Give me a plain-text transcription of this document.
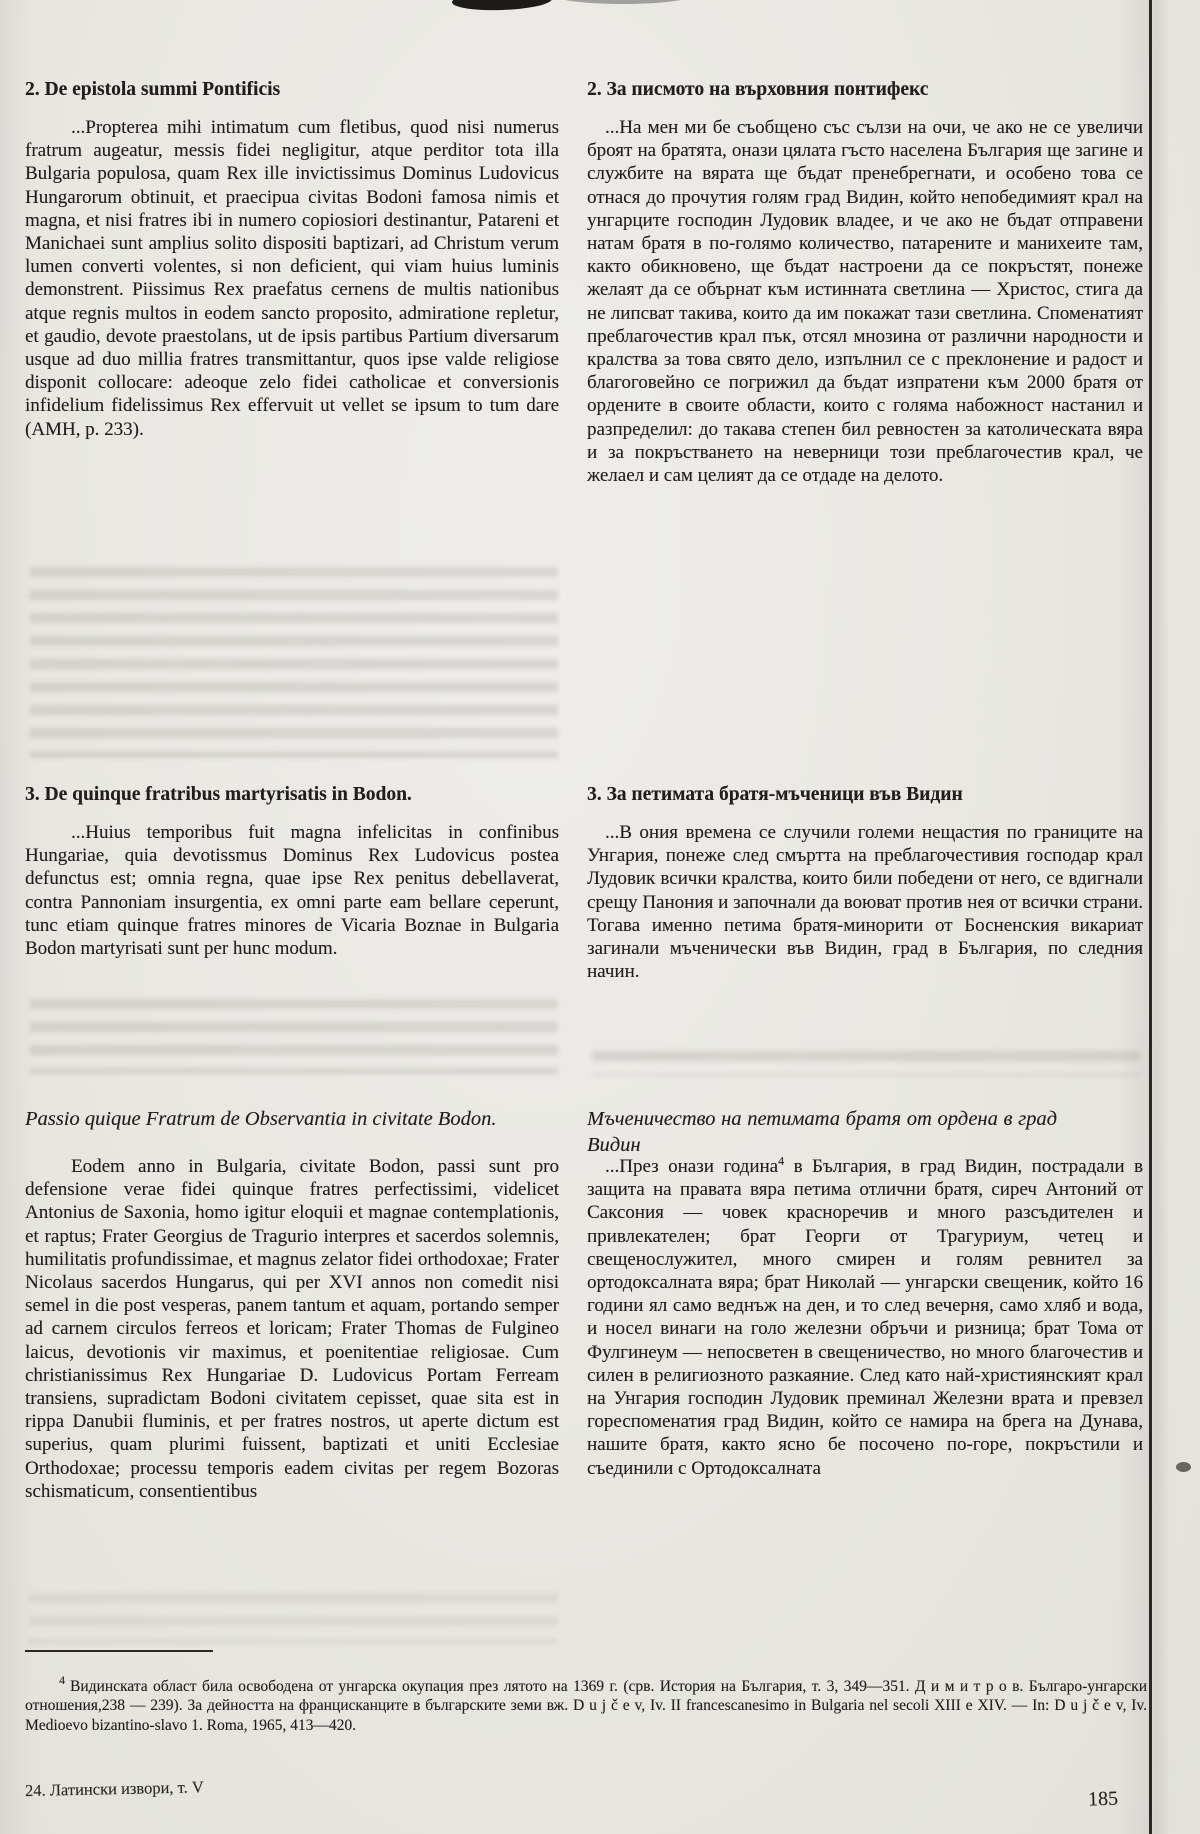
2. De epistola summi Pontificis

...Propterea mihi intimatum cum fletibus, quod nisi numerus fratrum augeatur, messis fidei negligitur, atque perditor tota illa Bulgaria populosa, quam Rex ille invictissimus Dominus Ludovicus Hungarorum obtinuit, et praecipua civitas Bodoni famosa nimis et magna, et nisi fratres ibi in numero copiosiori destinantur, Patareni et Manichaei sunt amplius solito dispositi baptizari, ad Christum verum lumen converti volentes, si non deficient, qui viam huius luminis demonstrent. Piissimus Rex praefatus cernens de multis nationibus atque regnis multos in eodem sancto proposito, admiratione repletur, et gaudio, devote praestolans, ut de ipsis partibus Partium diversarum usque ad duo millia fratres transmittantur, quos ipse valde religiose disponit collocare: adeoque zelo fidei catholicae et conversionis infidelium fidelissimus Rex effervuit ut vellet se ipsum to tum dare (AMH, p. 233).

3. De quinque fratribus martyrisatis in Bodon.

...Huius temporibus fuit magna infelicitas in confinibus Hungariae, quia devotissmus Dominus Rex Ludovicus postea defunctus est; omnia regna, quae ipse Rex penitus debellaverat, contra Pannoniam insurgentia, ex omni parte eam bellare ceperunt, tunc etiam quinque fratres minores de Vicaria Boznae in Bulgaria Bodon martyrisati sunt per hunc modum.

Passio quique Fratrum de Observantia in civitate Bodon.

Eodem anno in Bulgaria, civitate Bodon, passi sunt pro defensione verae fidei quinque fratres perfectissimi, videlicet Antonius de Saxonia, homo igitur eloquii et magnae contemplationis, et raptus; Frater Georgius de Tragurio interpres et sacerdos solemnis, humilitatis profundissimae, et magnus zelator fidei orthodoxae; Frater Nicolaus sacerdos Hungarus, qui per XVI annos non comedit nisi semel in die post vesperas, panem tantum et aquam, portando semper ad carnem circulos ferreos et loricam; Frater Thomas de Fulgineo laicus, devotionis vir maximus, et poenitentiae religiosae. Cum christianissimus Rex Hungariae D. Ludovicus Portam Ferream transiens, supradictam Bodoni civitatem cepisset, quae sita est in rippa Danubii fluminis, et per fratres nostros, ut aperte dictum est superius, quam plurimi fuissent, baptizati et uniti Ecclesiae Orthodoxae; processu temporis eadem civitas per regem Bozoras schismaticum, consentientibus

2. За писмото на върховния понтифекс

...На мен ми бе съобщено със сълзи на очи, че ако не се увеличи броят на братята, онази цялата гъсто населена България ще загине и службите на вярата ще бъдат пренебрегнати, и особено това се отнася до прочутия голям град Видин, който непобедимият крал на унгарците господин Лудовик владее, и че ако не бъдат отправени натам братя в по-голямо количество, патарените и манихеите там, както обикновено, ще бъдат настроени да се покръстят, понеже желаят да се обърнат към истинната светлина — Христос, стига да не липсват такива, които да им покажат тази светлина. Споменатият преблагочестив крал пък, отсял мнозина от различни народности и кралства за това свято дело, изпълнил се с преклонение и радост и благоговейно се погрижил да бъдат изпратени към 2000 братя от ордените в своите области, които с голяма набожност настанил и разпределил: до такава степен бил ревностен за католическата вяра и за покръстването на неверници този преблагочестив крал, че желаел и сам целият да се отдаде на делото.

3. За петимата братя-мъченици във Видин

...В ония времена се случили големи нещастия по границите на Унгария, понеже след смъртта на преблагочестивия господар крал Лудовик всички кралства, които били победени от него, се вдигнали срещу Панония и започнали да воюват против нея от всички страни. Тогава именно петима братя-минорити от Босненския викариат загинали мъченически във Видин, град в България, по следния начин.

Мъченичество на петимата братя от ордена в град Видин

...През онази година$^4$ в България, в град Видин, пострадали в защита на правата вяра петима отлични братя, сиреч Антоний от Саксония — човек красноречив и много разсъдителен и привлекателен; брат Георги от Трагуриум, четец и свещенослужител, много смирен и голям ревнител за ортодоксалната вяра; брат Николай — унгарски свещеник, който 16 години ял само веднъж на ден, и то след вечерня, само хляб и вода, и носел винаги на голо железни обръчи и ризница; брат Тома от Фулгинеум — непосветен в свещеничество, но много благочестив и силен в религиозното разкаяние. След като най-християнският крал на Унгария господин Лудовик преминал Железни врата и превзел гореспоменатия град Видин, който се намира на брега на Дунава, нашите братя, както ясно бе посочено по-горе, покръстили и съединили с Ортодоксалната

$^4$ Видинската област била освободена от унгарска окупация през лятото на 1369 г. (срв. История на България, т. 3, 349—351. Д и м и т р о в. Българо-унгарски отношения,238 — 239). За дейността на францисканците в българските земи вж. D u j č e v, Iv. II francescanesimo in Bulgaria nel secoli XIII е XIV. — In: D u j č e v, Iv. Medioevo bizantino-slavo 1. Roma, 1965, 413—420.

24. Латински извори, т. V	185
